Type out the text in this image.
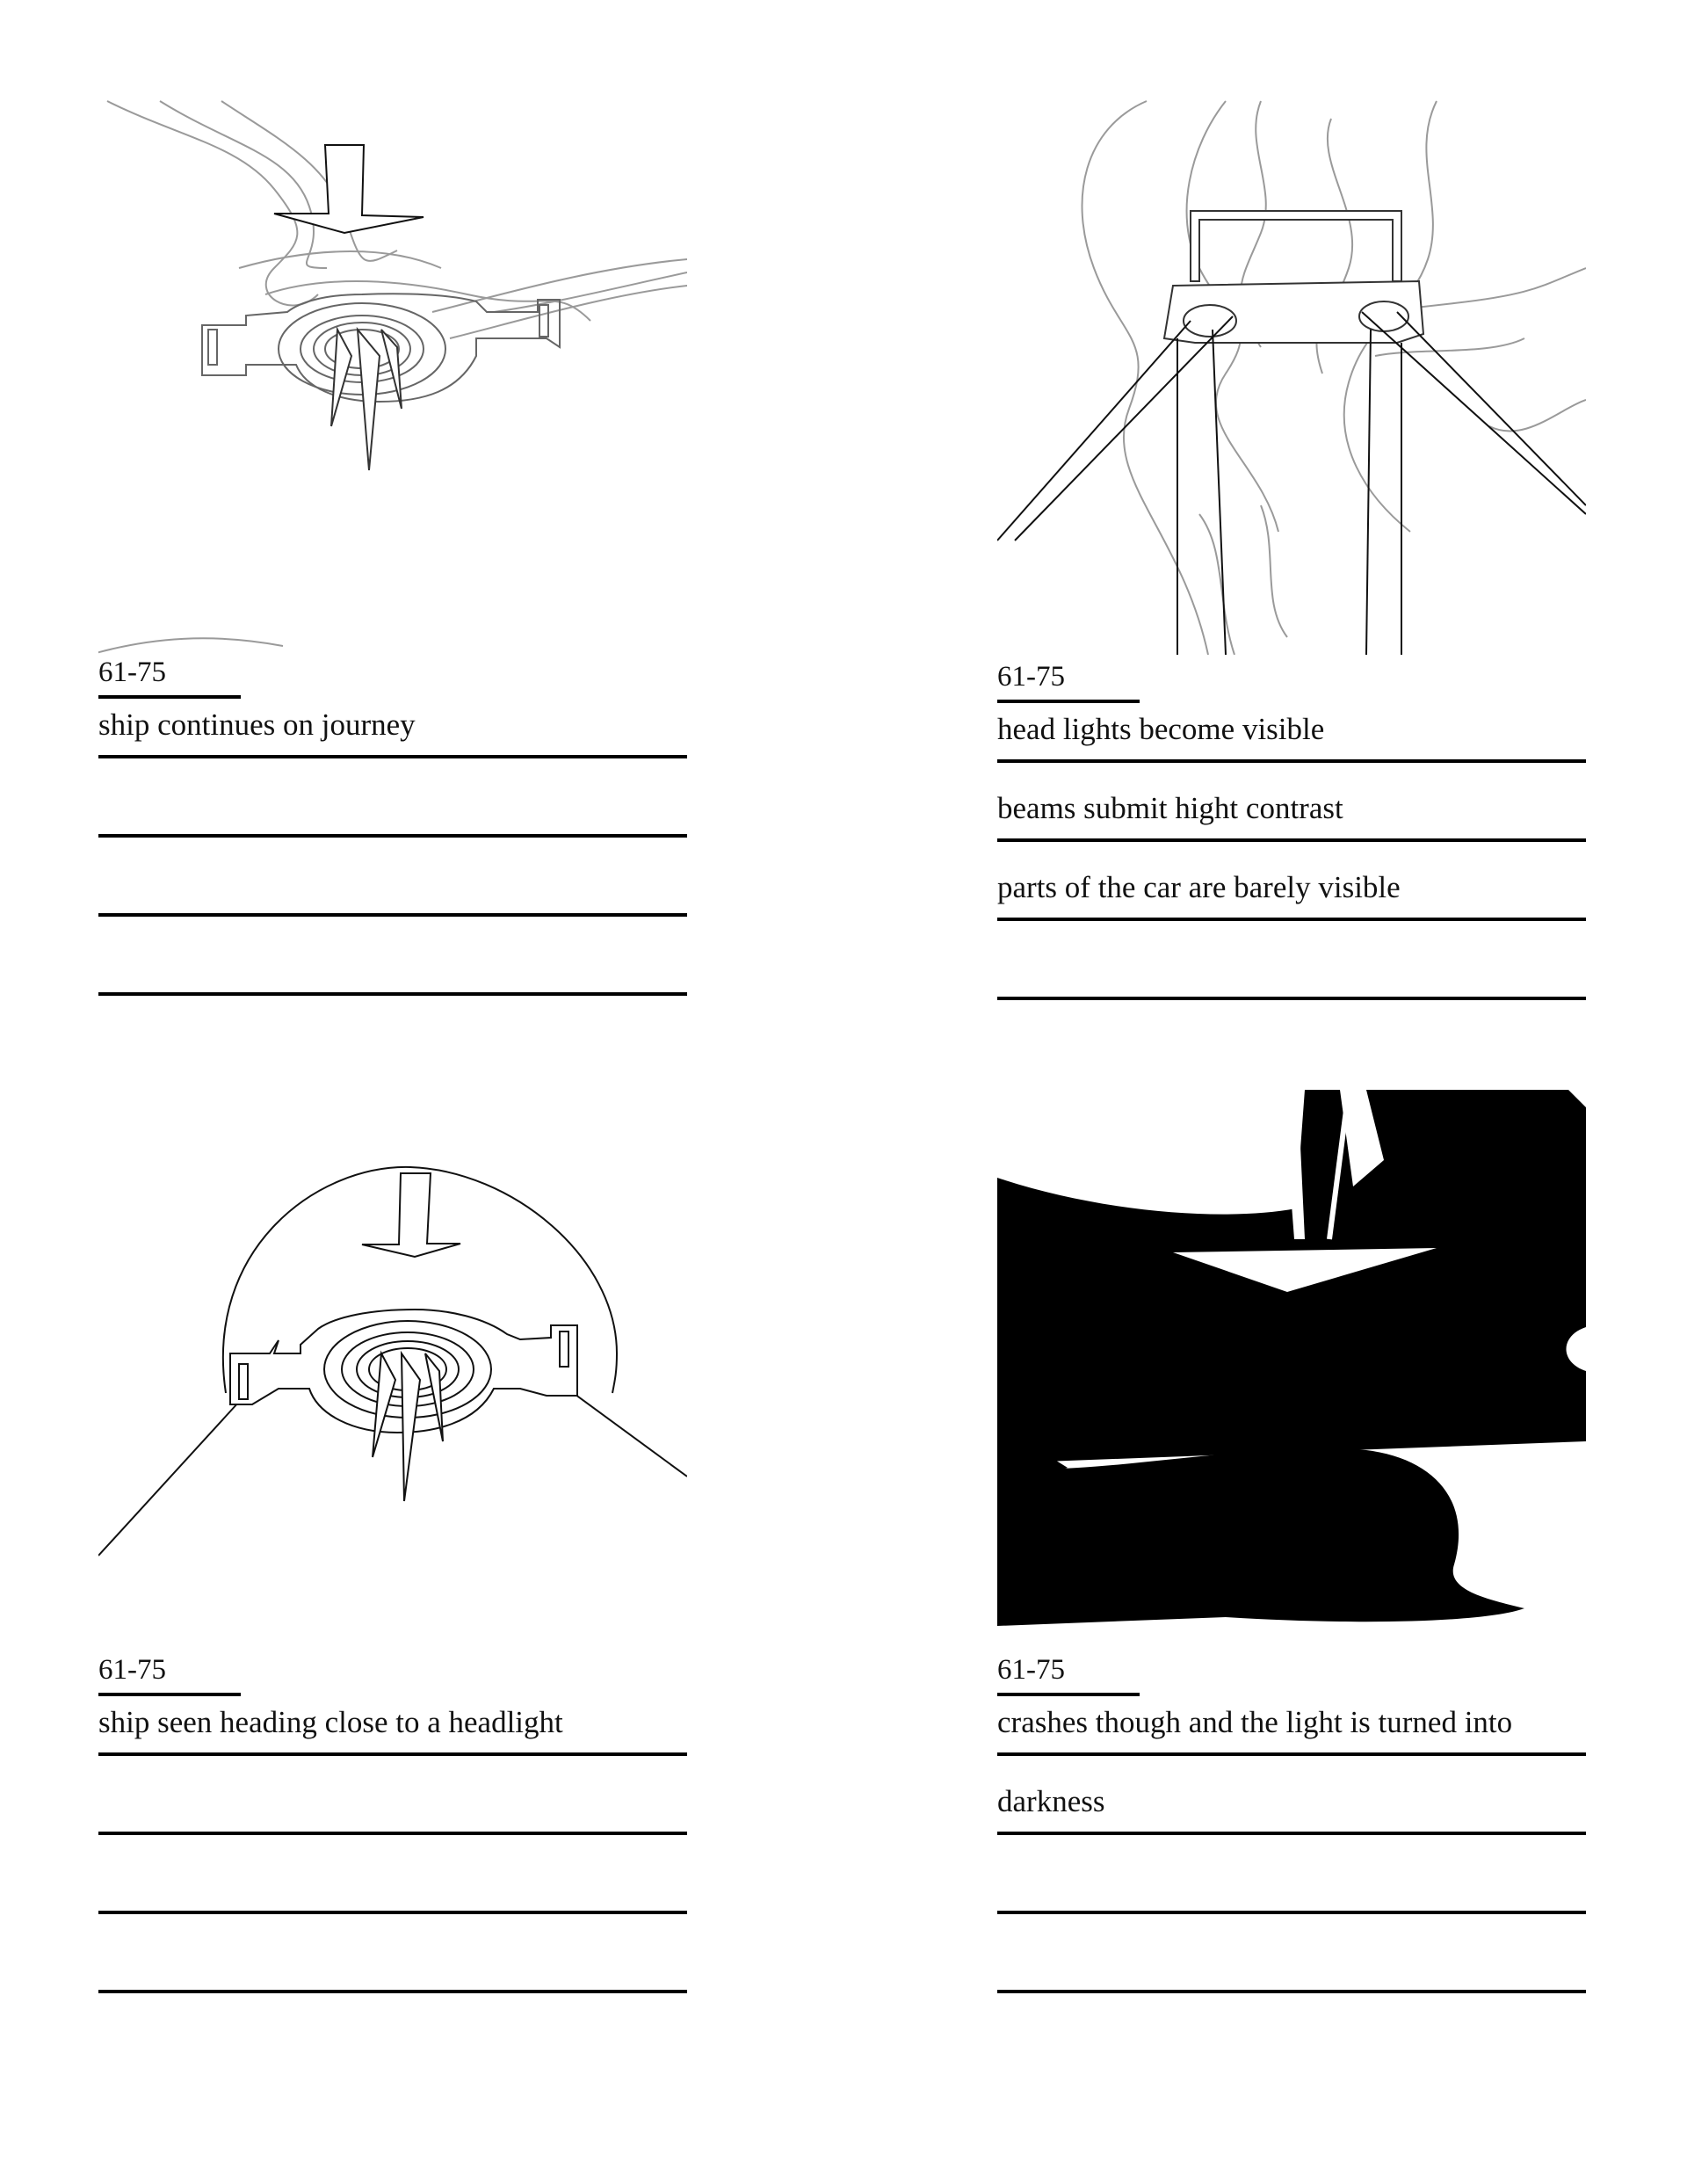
61-75
ship continues on journey
61-75
head lights become visible
beams submit hight contrast
parts of the car are barely visible
61-75
ship seen heading close to a headlight
61-75
crashes though and the light is turned into
darkness
